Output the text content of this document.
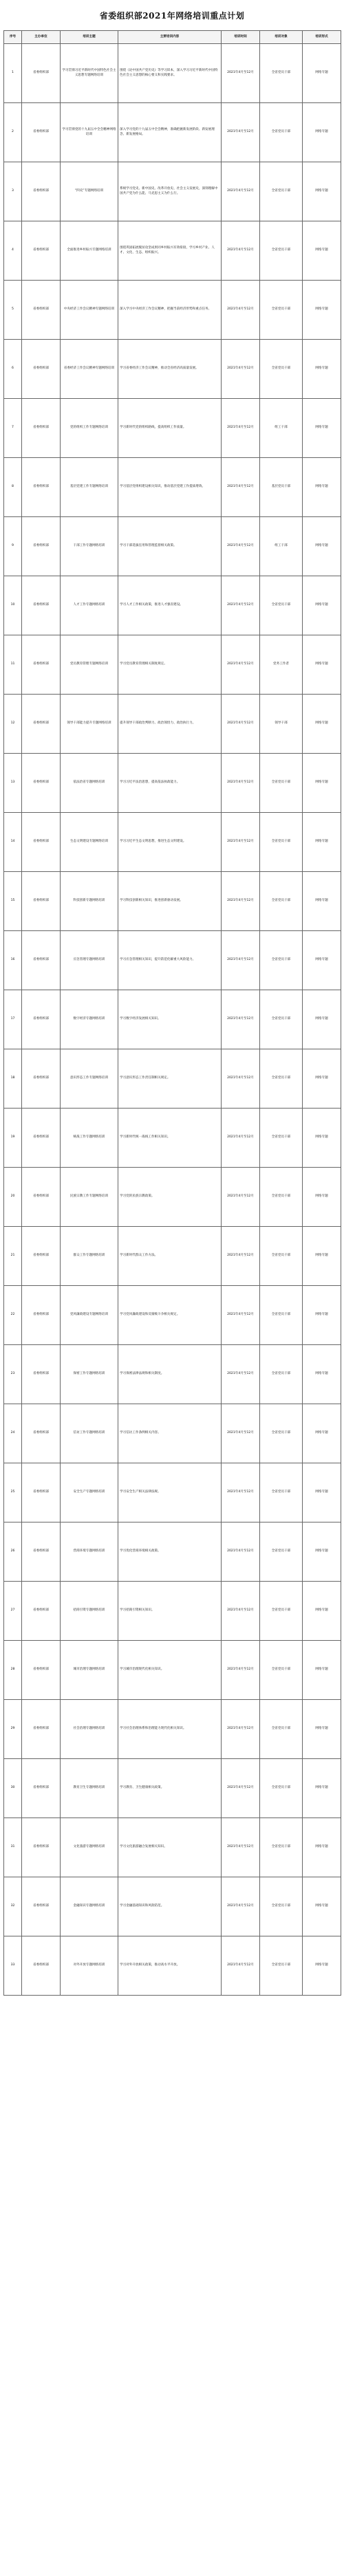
省委组织部2021年网络培训重点计划
序号	主办单位	培训主题	主要培训内容	培训时间	培训对象	培训形式
1	省委组织部	学习贯彻习近平新时代中国特色社会主义思想专题网络培训	围绕《论中国共产党历史》等学习读本，深入学习习近平新时代中国特色社会主义思想的核心要义和实践要求。	2021年4月至12月	全省党员干部	网络专题
2	省委组织部	学习贯彻党的十九届五中全会精神网络培训	深入学习党的十九届五中全会精神，准确把握新发展阶段、新发展理念、新发展格局。	2021年4月至12月	全省党员干部	网络专题
3	省委组织部	“四史”专题网络培训	系统学习党史、新中国史、改革开放史、社会主义发展史，深刻理解中国共产党为什么能、马克思主义为什么行。	2021年4月至12月	全省党员干部	网络专题
4	省委组织部	全面推进乡村振兴专题网络培训	围绕巩固拓展脱贫攻坚成果同乡村振兴有效衔接，学习乡村产业、人才、文化、生态、组织振兴。	2021年4月至12月	全省党员干部	网络专题
5	省委组织部	中央经济工作会议精神专题网络培训	深入学习中央经济工作会议精神，把握当前经济形势和重点任务。	2021年4月至12月	全省党员干部	网络专题
6	省委组织部	省委经济工作会议精神专题网络培训	学习省委经济工作会议精神，推动全省经济高质量发展。	2021年4月至12月	全省党员干部	网络专题
7	省委组织部	党的组织工作专题网络培训	学习新时代党的组织路线，提高组织工作质量。	2021年4月至12月	组工干部	网络专题
8	省委组织部	基层党建工作专题网络培训	学习基层党组织建设相关知识，推动基层党建工作提质增效。	2021年4月至12月	基层党员干部	网络专题
9	省委组织部	干部工作专题网络培训	学习干部选拔任用和管理监督相关政策。	2021年4月至12月	组工干部	网络专题
10	省委组织部	人才工作专题网络培训	学习人才工作相关政策，推进人才强省建设。	2021年4月至12月	全省党员干部	网络专题
11	省委组织部	党员教育管理专题网络培训	学习党员教育管理相关制度规定。	2021年4月至12月	党务工作者	网络专题
12	省委组织部	领导干部能力提升专题网络培训	提升领导干部政治判断力、政治领悟力、政治执行力。	2021年4月至12月	领导干部	网络专题
13	省委组织部	依法治省专题网络培训	学习习近平法治思想，提高依法执政能力。	2021年4月至12月	全省党员干部	网络专题
14	省委组织部	生态文明建设专题网络培训	学习习近平生态文明思想，推进生态文明建设。	2021年4月至12月	全省党员干部	网络专题
15	省委组织部	科技创新专题网络培训	学习科技创新相关知识，推进创新驱动发展。	2021年4月至12月	全省党员干部	网络专题
16	省委组织部	应急管理专题网络培训	学习应急管理相关知识，提升防范化解重大风险能力。	2021年4月至12月	全省党员干部	网络专题
17	省委组织部	数字经济专题网络培训	学习数字经济发展相关知识。	2021年4月至12月	全省党员干部	网络专题
18	省委组织部	意识形态工作专题网络培训	学习意识形态工作责任制相关规定。	2021年4月至12月	全省党员干部	网络专题
19	省委组织部	统战工作专题网络培训	学习新时代统一战线工作相关知识。	2021年4月至12月	全省党员干部	网络专题
20	省委组织部	民族宗教工作专题网络培训	学习党的民族宗教政策。	2021年4月至12月	全省党员干部	网络专题
21	省委组织部	群众工作专题网络培训	学习新时代群众工作方法。	2021年4月至12月	全省党员干部	网络专题
22	省委组织部	党风廉政建设专题网络培训	学习党风廉政建设和反腐败斗争相关规定。	2021年4月至12月	全省党员干部	网络专题
23	省委组织部	保密工作专题网络培训	学习保密法律法规和相关制度。	2021年4月至12月	全省党员干部	网络专题
24	省委组织部	信访工作专题网络培训	学习信访工作条例相关内容。	2021年4月至12月	全省党员干部	网络专题
25	省委组织部	安全生产专题网络培训	学习安全生产相关法律法规。	2021年4月至12月	全省党员干部	网络专题
26	省委组织部	营商环境专题网络培训	学习优化营商环境相关政策。	2021年4月至12月	全省党员干部	网络专题
27	省委组织部	招商引资专题网络培训	学习招商引资相关知识。	2021年4月至12月	全省党员干部	网络专题
28	省委组织部	城市治理专题网络培训	学习城市治理现代化相关知识。	2021年4月至12月	全省党员干部	网络专题
29	省委组织部	社会治理专题网络培训	学习社会治理体系和治理能力现代化相关知识。	2021年4月至12月	全省党员干部	网络专题
30	省委组织部	教育卫生专题网络培训	学习教育、卫生健康相关政策。	2021年4月至12月	全省党员干部	网络专题
31	省委组织部	文化旅游专题网络培训	学习文化旅游融合发展相关知识。	2021年4月至12月	全省党员干部	网络专题
32	省委组织部	金融知识专题网络培训	学习金融基础知识和风险防范。	2021年4月至12月	全省党员干部	网络专题
33	省委组织部	对外开放专题网络培训	学习对外开放相关政策，推动高水平开放。	2021年4月至12月	全省党员干部	网络专题
